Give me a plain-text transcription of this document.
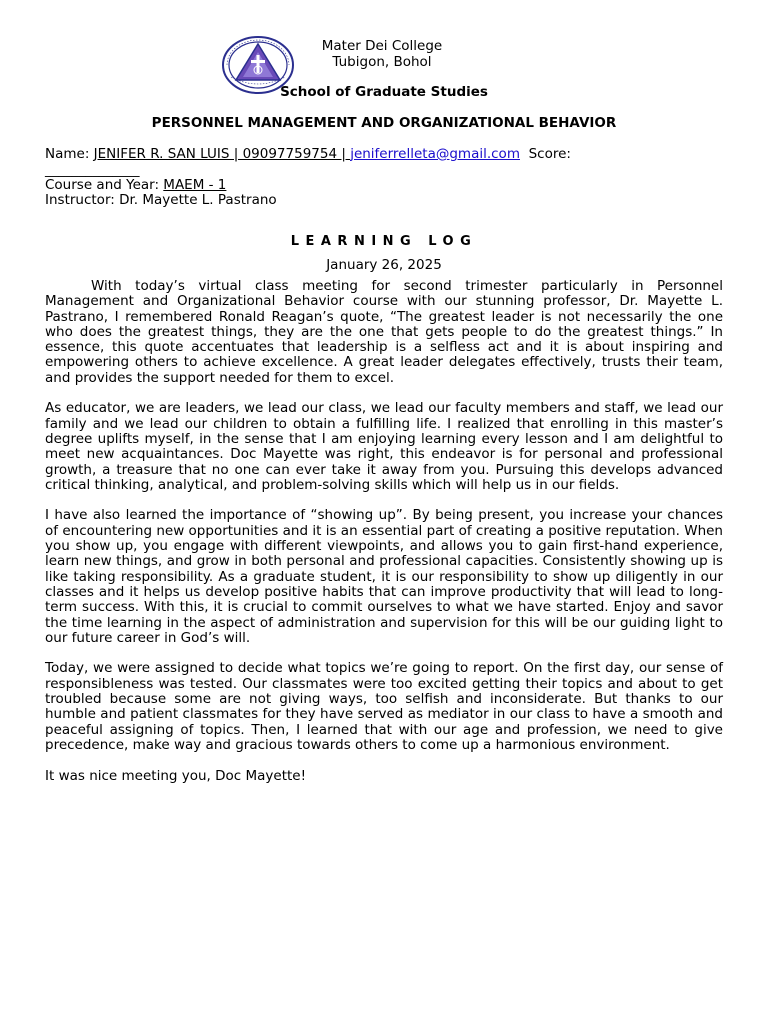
Mater Dei College
Tubigon, Bohol
School of Graduate Studies
PERSONNEL MANAGEMENT AND ORGANIZATIONAL BEHAVIOR
Name: JENIFER R. SAN LUIS | 09097759754 | jeniferrelleta@gmail.com Score:
______________
Course and Year: MAEM - 1
Instructor: Dr. Mayette L. Pastrano
LEARNING LOG
January 26, 2025

With today’s virtual class meeting for second trimester particularly in Personnel Management and Organizational Behavior course with our stunning professor, Dr. Mayette L. Pastrano, I remembered Ronald Reagan’s quote, “The greatest leader is not necessarily the one who does the greatest things, they are the one that gets people to do the greatest things.” In essence, this quote accentuates that leadership is a selfless act and it is about inspiring and empowering others to achieve excellence. A great leader delegates effectively, trusts their team, and provides the support needed for them to excel.

As educator, we are leaders, we lead our class, we lead our faculty members and staff, we lead our family and we lead our children to obtain a fulfilling life. I realized that enrolling in this master’s degree uplifts myself, in the sense that I am enjoying learning every lesson and I am delightful to meet new acquaintances. Doc Mayette was right, this endeavor is for personal and professional growth, a treasure that no one can ever take it away from you. Pursuing this develops advanced critical thinking, analytical, and problem-solving skills which will help us in our fields.

I have also learned the importance of “showing up”. By being present, you increase your chances of encountering new opportunities and it is an essential part of creating a positive reputation. When you show up, you engage with different viewpoints, and allows you to gain first-hand experience, learn new things, and grow in both personal and professional capacities. Consistently showing up is like taking responsibility. As a graduate student, it is our responsibility to show up diligently in our classes and it helps us develop positive habits that can improve productivity that will lead to long-term success. With this, it is crucial to commit ourselves to what we have started. Enjoy and savor the time learning in the aspect of administration and supervision for this will be our guiding light to our future career in God’s will.

Today, we were assigned to decide what topics we’re going to report. On the first day, our sense of responsibleness was tested. Our classmates were too excited getting their topics and about to get troubled because some are not giving ways, too selfish and inconsiderate. But thanks to our humble and patient classmates for they have served as mediator in our class to have a smooth and peaceful assigning of topics. Then, I learned that with our age and profession, we need to give precedence, make way and gracious towards others to come up a harmonious environment.

It was nice meeting you, Doc Mayette!
